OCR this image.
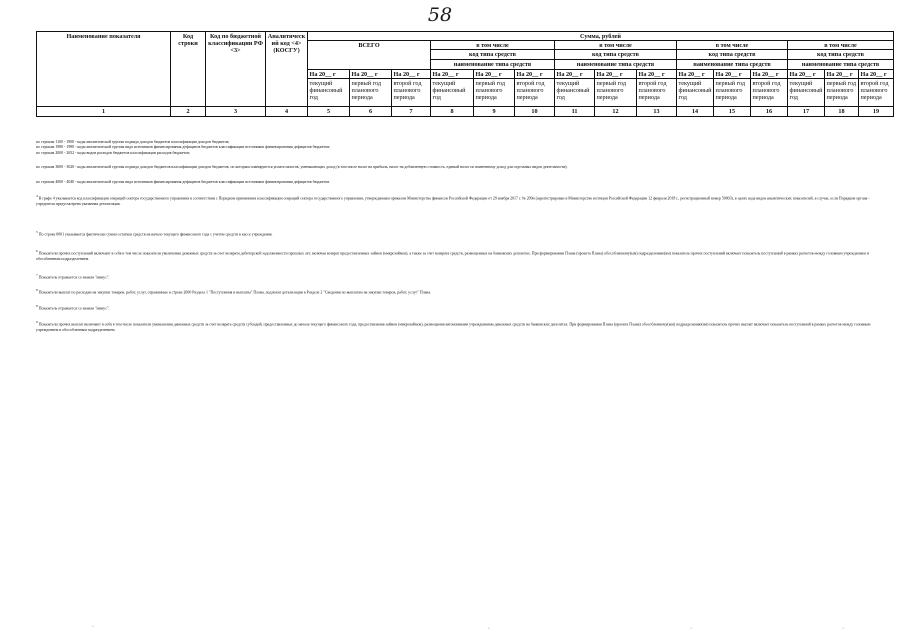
58
Наименование показателя	Код строки	Код по бюджетной классификации РФ <3>	Аналитический код <4> (КОСГУ)	Сумма, рублей														
				ВСЕГО			в том числе			в том числе			в том числе			в том числе		
							код типа средств			код типа средств			код типа средств			код типа средств		
							наименование типа средств			наименование типа средств			наименование типа средств			наименование типа средств		
				На 20__ г	На 20__ г	На 20__ г	На 20__ г	На 20__ г	На 20__ г	На 20__ г	На 20__ г	На 20__ г	На 20__ г	На 20__ г	На 20__ г	На 20__ г	На 20__ г	На 20__ г
				текущий финансовый год	первый год планового периода	второй год планового периода	текущий финансовый год	первый год планового периода	второй год планового периода	текущий финансовый год	первый год планового периода	второй год планового периода	текущий финансовый год	первый год планового периода	второй год планового периода	текущий финансовый год	первый год планового периода	второй год планового периода
1	2	3	4	5	6	7	8	9	10	11	12	13	14	15	16	17	18	19

по строкам 1100 - 1900 - коды аналитической группы подвида доходов бюджетов классификации доходов бюджетов;

по строкам 1980 - 1990 - коды аналитической группы вида источников финансирования дефицитов бюджетов классификации источников финансирования дефицитов бюджетов;

по строкам 2000 - 2652 - коды видов расходов бюджетов классификации расходов бюджетов;

по строкам 3000 - 3020 - коды аналитической группы подвида доходов бюджетов классификации доходов бюджетов, по которым планируются уплата налогов, уменьшающих доход (в том числе налог на прибыль, налог на добавленную стоимость, единый налог по вмененному доход для отдельных видов деятельности);

по строкам 4000 - 4040 - коды аналитической группы вида источников финансирования дефицитов бюджетов классификации источников финансирования дефицитов бюджетов.

$^4$ В графе 4 указывается код классификации операций сектора государственного управления в соответствии с Порядком применения классификации операций сектора государственного управления, утвержденным приказом Министерства финансов Российской Федерации от 29 ноября 2017 г. № 209н (зарегистрирован в Министерстве юстиции Российской Федерации 12 февраля 2018 г., регистрационный номер 50003), в целях кода видов аналитических показателей, в случае, если Порядком органа - учредителя предусмотрена указанная детализация.

$^5$ По строке 0001 указывается фактически сумма остатков средств на начало текущего финансового года с учетом средств в кассе учреждения.

$^6$ Показатели прочих поступлений включают в себя в том числе показатели увеличения денежных средств за счет возврата дебиторской задолженности прошлых лет, включая возврат предоставленных займов (микрозаймов), а также за счет возврата средств, размещенных на банковских депозитах. При формировании Плана (проекта Плана) обособленному(ым) подразделению(ям) показатель прочих поступлений включает показатель поступлений в рамках расчетов между головным учреждением и обособленным подразделением.

$^7$ Показатель отражается со знаком "минус".

$^8$ Показатели выплат по расходам на закупки товаров, работ, услуг, отраженные в строке 2600 Раздела 1 "Поступления и выплаты" Плана, подлежат детализации в Разделе 2 "Сведения по выплатам на закупки товаров, работ, услуг" Плана.

$^8$ Показатель отражается со знаком "минус".

$^9$ Показатели прочих выплат включают в себя в том числе показатели уменьшения денежных средств за счет возврата средств субсидий, предоставленных до начала текущего финансового года, предоставления займов (микрозаймов), размещения автономными учреждениями денежных средств на банковских депозитах. При формировании Плана (проекта Плана) обособленному(ым) подразделению(ям) показатель прочих выплат включает показатель поступлений в рамках расчетов между головным учреждением и обособленным подразделением.

·	·	·	·
